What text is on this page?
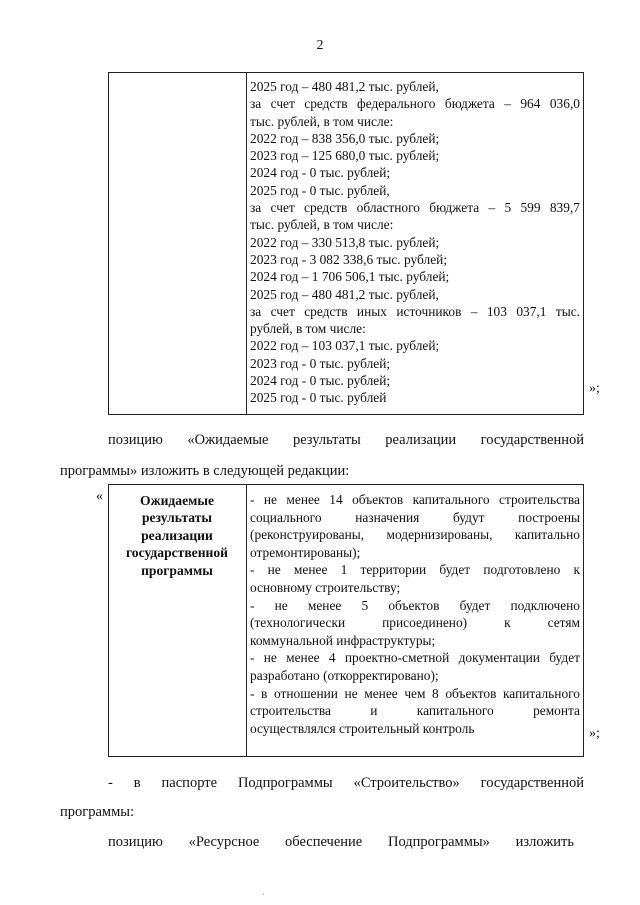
2
2025 год – 480 481,2 тыс. рублей,
за счет средств федерального бюджета – 964 036,0
тыс. рублей, в том числе:
2022 год – 838 356,0 тыс. рублей;
2023 год – 125 680,0 тыс. рублей;
2024 год - 0 тыс. рублей;
2025 год - 0 тыс. рублей,
за счет средств областного бюджета – 5 599 839,7
тыс. рублей, в том числе:
2022 год – 330 513,8 тыс. рублей;
2023 год - 3 082 338,6 тыс. рублей;
2024 год – 1 706 506,1 тыс. рублей;
2025 год – 480 481,2 тыс. рублей,
за счет средств иных источников – 103 037,1 тыс.
рублей, в том числе:
2022 год – 103 037,1 тыс. рублей;
2023 год - 0 тыс. рублей;
2024 год - 0 тыс. рублей;
2025 год - 0 тыс. рублей
»;
позицию «Ожидаемые результаты реализации государственной
программы» изложить в следующей редакции:
«	Ожидаемые
результаты
реализации
государственной
программы
- не менее 14 объектов капитального строительства
социального назначения будут построены
(реконструированы, модернизированы, капитально
отремонтированы);
- не менее 1 территории будет подготовлено к
основному строительству;
- не менее 5 объектов будет подключено
(технологически присоединено) к сетям
коммунальной инфраструктуры;
- не менее 4 проектно-сметной документации будет
разработано (откорректировано);
- в отношении не менее чем 8 объектов капитального
строительства и капитального ремонта
осуществлялся строительный контроль	»;
- в паспорте Подпрограммы «Строительство» государственной
программы:
позицию «Ресурсное обеспечение Подпрограммы» изложить
·
